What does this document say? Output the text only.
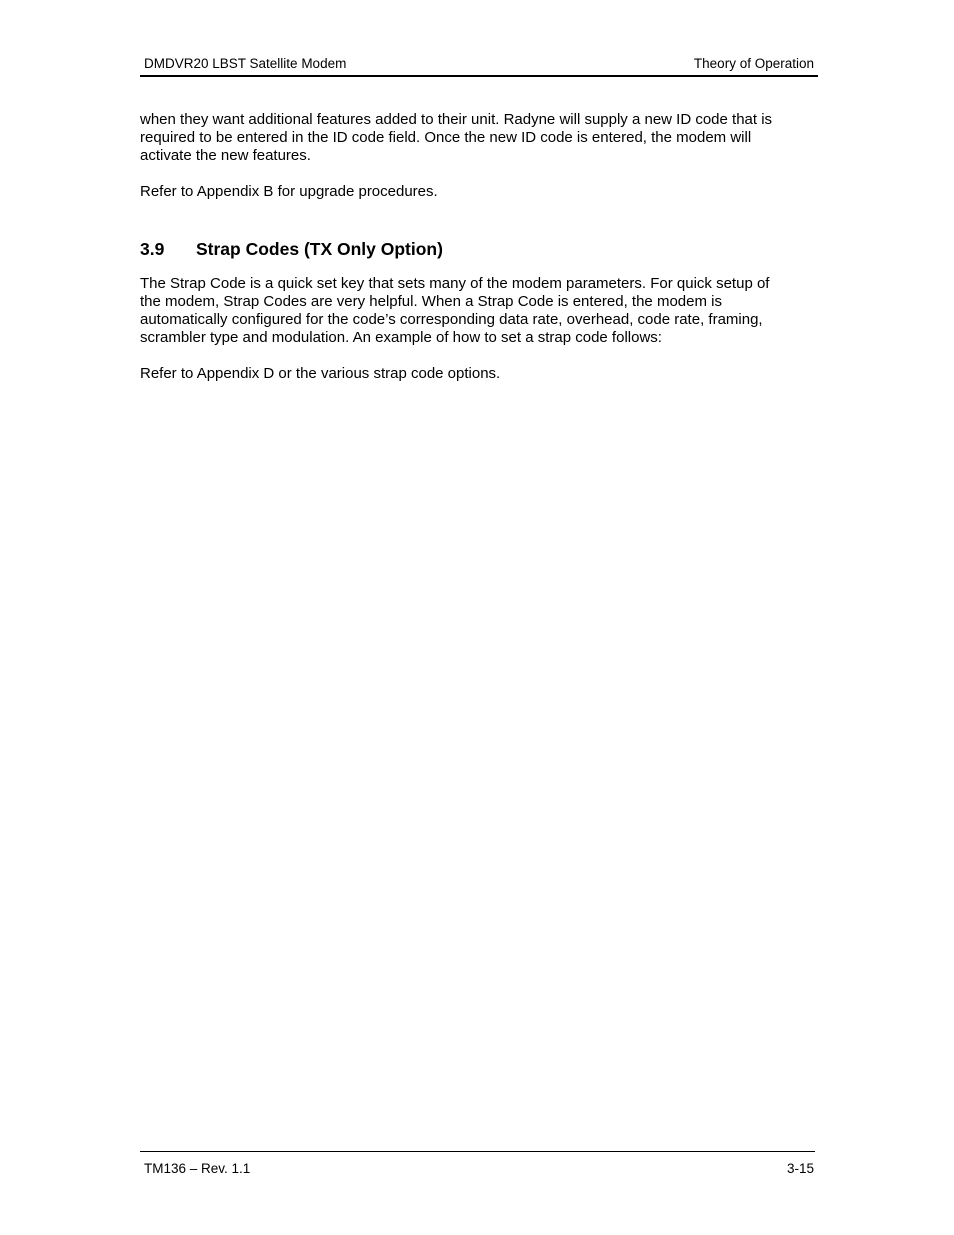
DMDVR20 LBST Satellite Modem	Theory of Operation

when they want additional features added to their unit. Radyne will supply a new ID code that is
required to be entered in the ID code field. Once the new ID code is entered, the modem will
activate the new features.

Refer to Appendix B for upgrade procedures.

3.9	Strap Codes (TX Only Option)

The Strap Code is a quick set key that sets many of the modem parameters. For quick setup of
the modem, Strap Codes are very helpful. When a Strap Code is entered, the modem is
automatically configured for the code’s corresponding data rate, overhead, code rate, framing,
scrambler type and modulation. An example of how to set a strap code follows:

Refer to Appendix D or the various strap code options.

TM136 – Rev. 1.1	3-15
